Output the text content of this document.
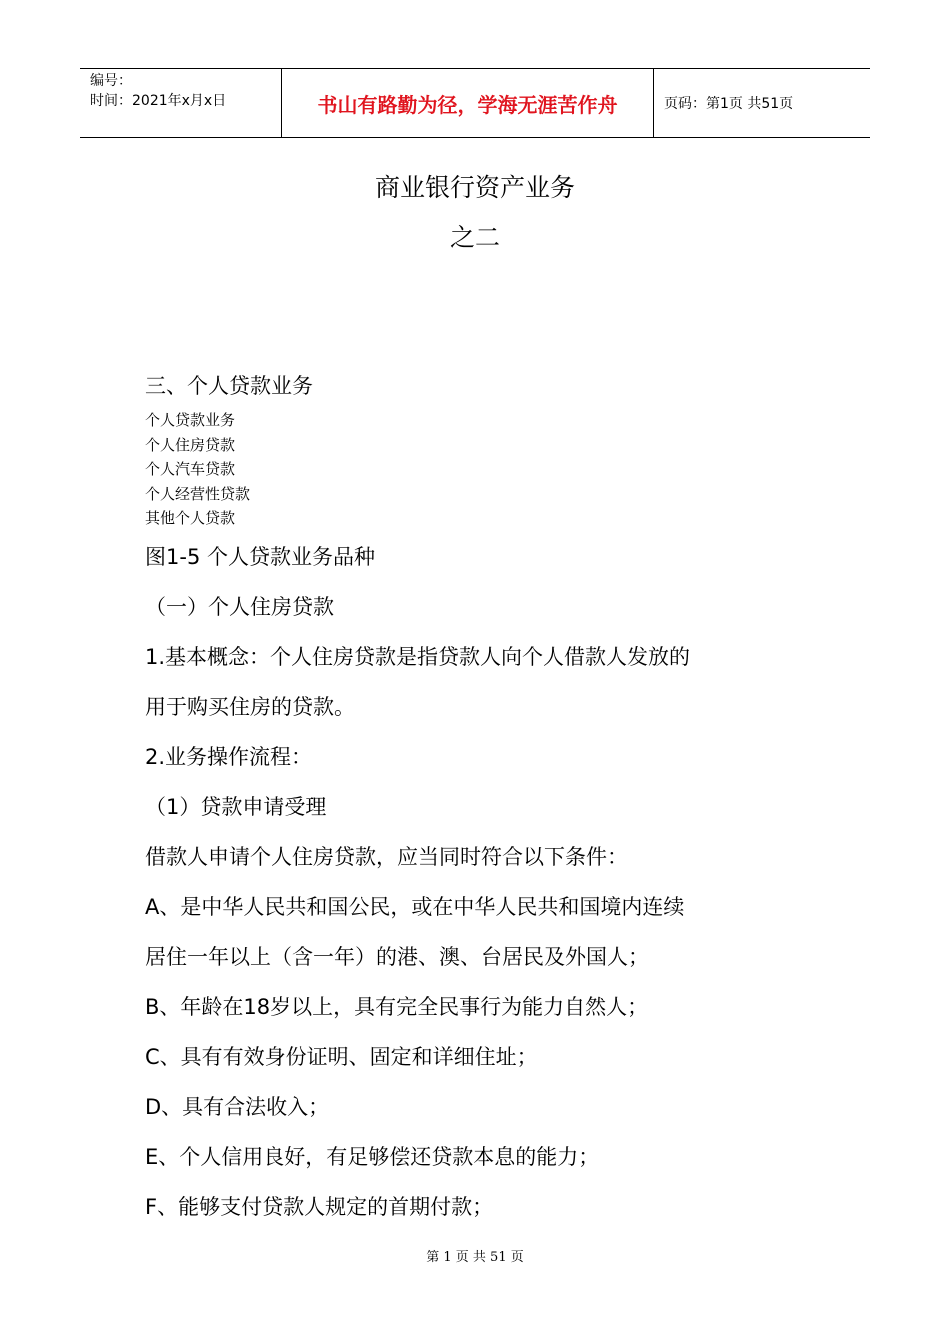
编号：
时间：2021年x月x日	书山有路勤为径，学海无涯苦作舟	页码：第1页 共51页
商业银行资产业务
之二
三、个人贷款业务
个人贷款业务
个人住房贷款
个人汽车贷款
个人经营性贷款
其他个人贷款
图1-5 个人贷款业务品种
（一）个人住房贷款
1.基本概念：个人住房贷款是指贷款人向个人借款人发放的
用于购买住房的贷款。
2.业务操作流程：
（1）贷款申请受理
借款人申请个人住房贷款，应当同时符合以下条件：
A、是中华人民共和国公民，或在中华人民共和国境内连续
居住一年以上（含一年）的港、澳、台居民及外国人；
B、年龄在18岁以上，具有完全民事行为能力自然人；
C、具有有效身份证明、固定和详细住址；
D、具有合法收入；
E、个人信用良好，有足够偿还贷款本息的能力；
F、能够支付贷款人规定的首期付款；
第 1 页 共 51 页
